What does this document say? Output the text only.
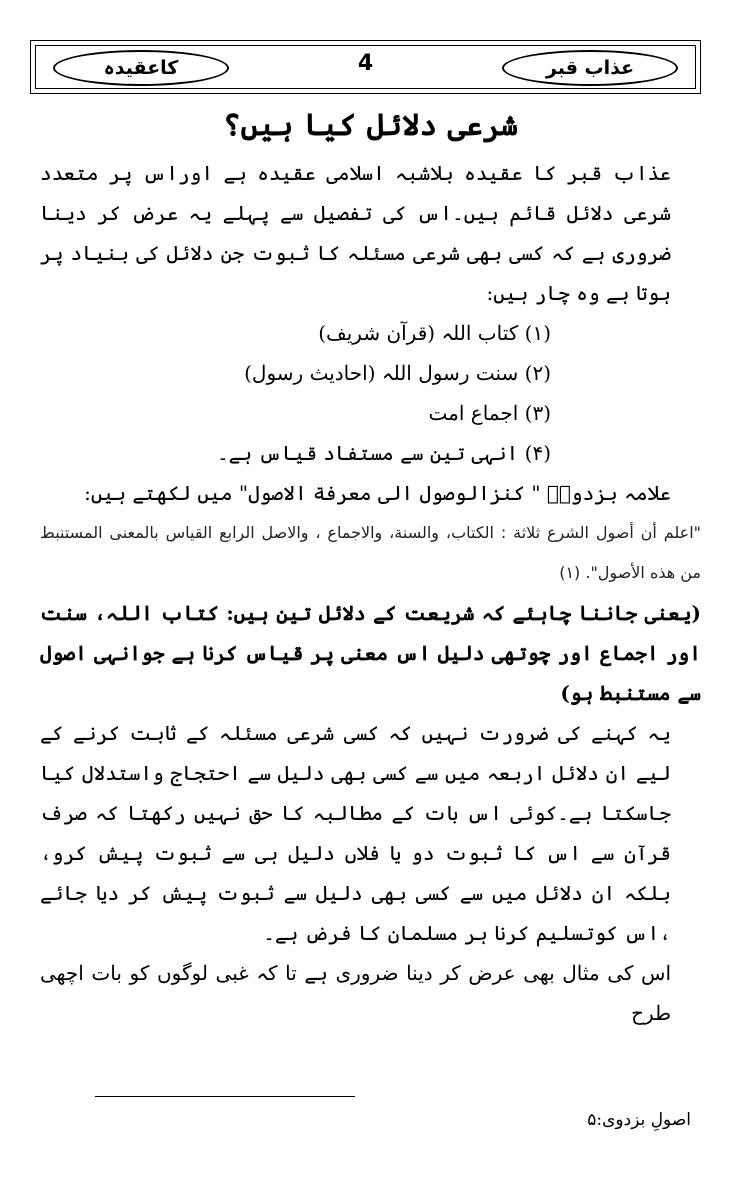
عذاب قبر
4
کاعقیدہ
شرعی دلائل کیا ہیں؟

عذاب قبر کا عقیدہ بلاشبہ اسلامی عقیدہ ہے اوراس پر متعدد شرعی دلائل قائم ہیں۔اس کی تفصیل سے پہلے یہ عرض کر دینا ضروری ہے کہ کسی بھی شرعی مسئلہ کا ثبوت جن دلائل کی بنیاد پر ہوتا ہے وہ چار ہیں:

(۱) کتاب اللہ (قرآن شریف)

(۲) سنت رسول اللہ (احادیث رسول)

(۳) اجماع امت

(۴) انہی تین سے مستفاد قیاس ہے۔

علامہ بزدویؒ " کنزالوصول الی معرفة الاصول" میں لکھتے ہیں:

"اعلم أن أصول الشرع ثلاثة : الكتاب، والسنة، والاجماع ، والاصل الرابع القياس بالمعنى المستنبط من هذه الأصول". (۱)

(یعنی جاننا چاہئے کہ شریعت کے دلائل تین ہیں: کتاب اللہ، سنت اور اجماع اور چوتھی دلیل اس معنی پر قیاس کرنا ہے جوانہی اصول سے مستنبط ہو)

یہ کہنے کی ضرورت نہیں کہ کسی شرعی مسئلہ کے ثابت کرنے کے لیے ان دلائل اربعہ میں سے کسی بھی دلیل سے احتجاج واستدلال کیا جاسکتا ہے۔کوئی اس بات کے مطالبہ کا حق نہیں رکھتا کہ صرف قرآن سے اس کا ثبوت دو یا فلاں دلیل ہی سے ثبوت پیش کرو، بلکہ ان دلائل میں سے کسی بھی دلیل سے ثبوت پیش کر دیا جائے ،اس کوتسلیم کرنا ہر مسلمان کا فرض ہے۔

اس کی مثال بھی عرض کر دینا ضروری ہے تا کہ غبی لوگوں کو بات اچھی طرح

اصولِ بزدوی:۵
